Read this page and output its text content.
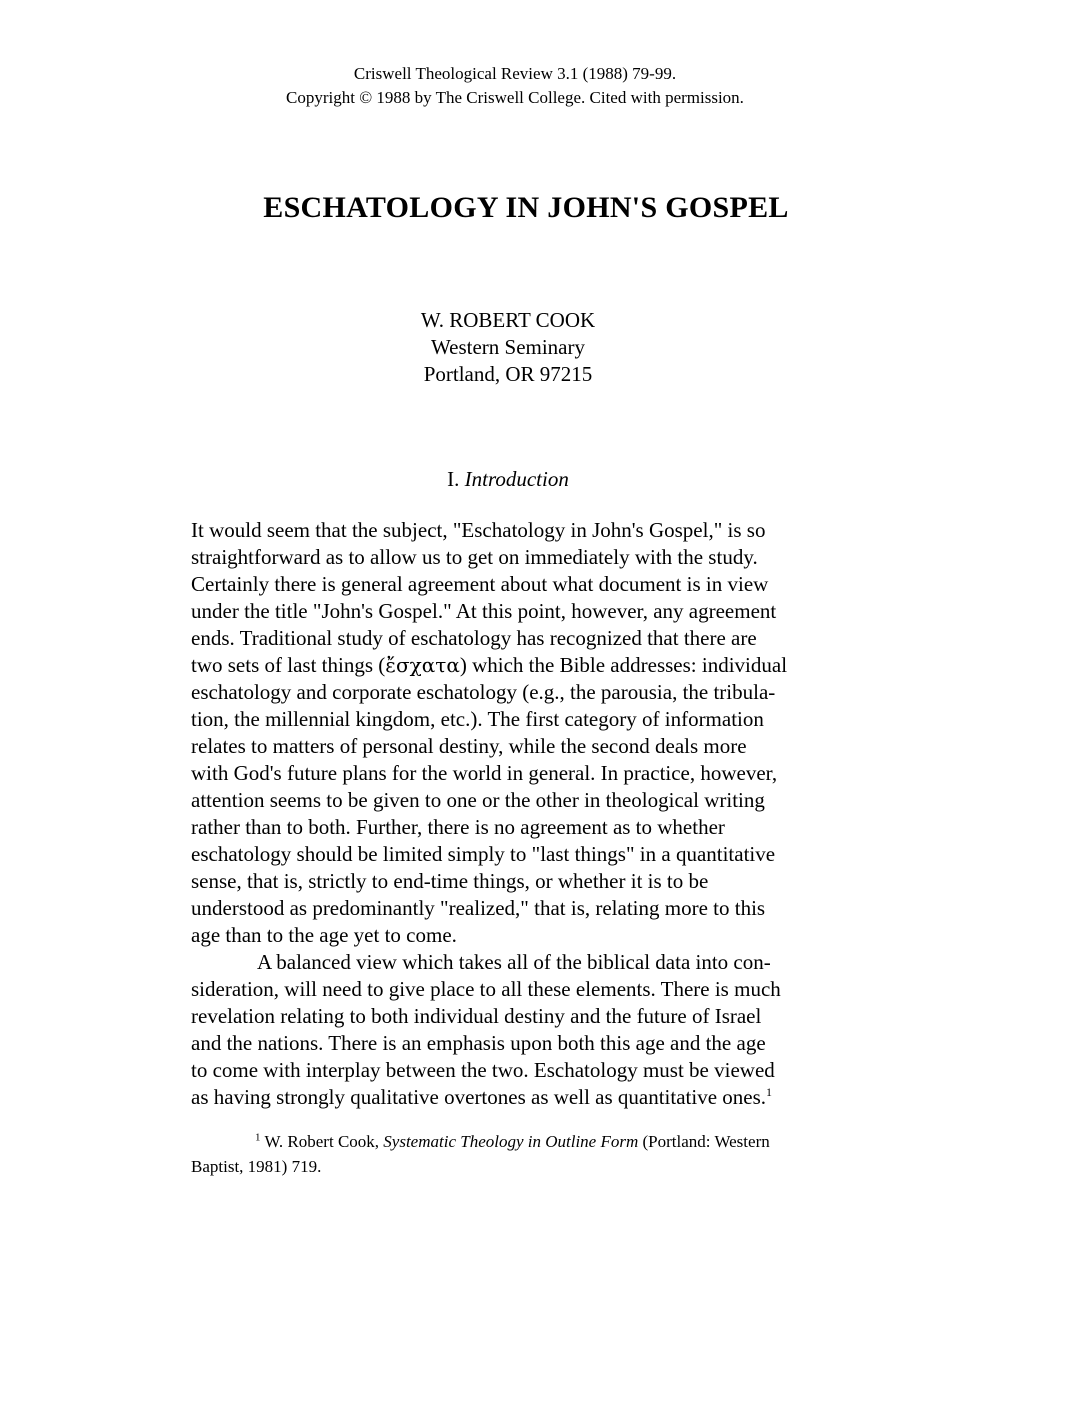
Criswell Theological Review 3.1 (1988) 79-99.
Copyright © 1988 by The Criswell College. Cited with permission.
ESCHATOLOGY IN JOHN'S GOSPEL
W. ROBERT COOK
Western Seminary
Portland, OR 97215
I. Introduction
It would seem that the subject, "Eschatology in John's Gospel," is so
straightforward as to allow us to get on immediately with the study.
Certainly there is general agreement about what document is in view
under the title "John's Gospel." At this point, however, any agreement
ends. Traditional study of eschatology has recognized that there are
two sets of last things (ἔσχατα) which the Bible addresses: individual
eschatology and corporate eschatology (e.g., the parousia, the tribula-
tion, the millennial kingdom, etc.). The first category of information
relates to matters of personal destiny, while the second deals more
with God's future plans for the world in general. In practice, however,
attention seems to be given to one or the other in theological writing
rather than to both. Further, there is no agreement as to whether
eschatology should be limited simply to "last things" in a quantitative
sense, that is, strictly to end-time things, or whether it is to be
understood as predominantly "realized," that is, relating more to this
age than to the age yet to come.
A balanced view which takes all of the biblical data into con-
sideration, will need to give place to all these elements. There is much
revelation relating to both individual destiny and the future of Israel
and the nations. There is an emphasis upon both this age and the age
to come with interplay between the two. Eschatology must be viewed
as having strongly qualitative overtones as well as quantitative ones.$^1$
$^1$ W. Robert Cook, Systematic Theology in Outline Form (Portland: Western
Baptist, 1981) 719.
